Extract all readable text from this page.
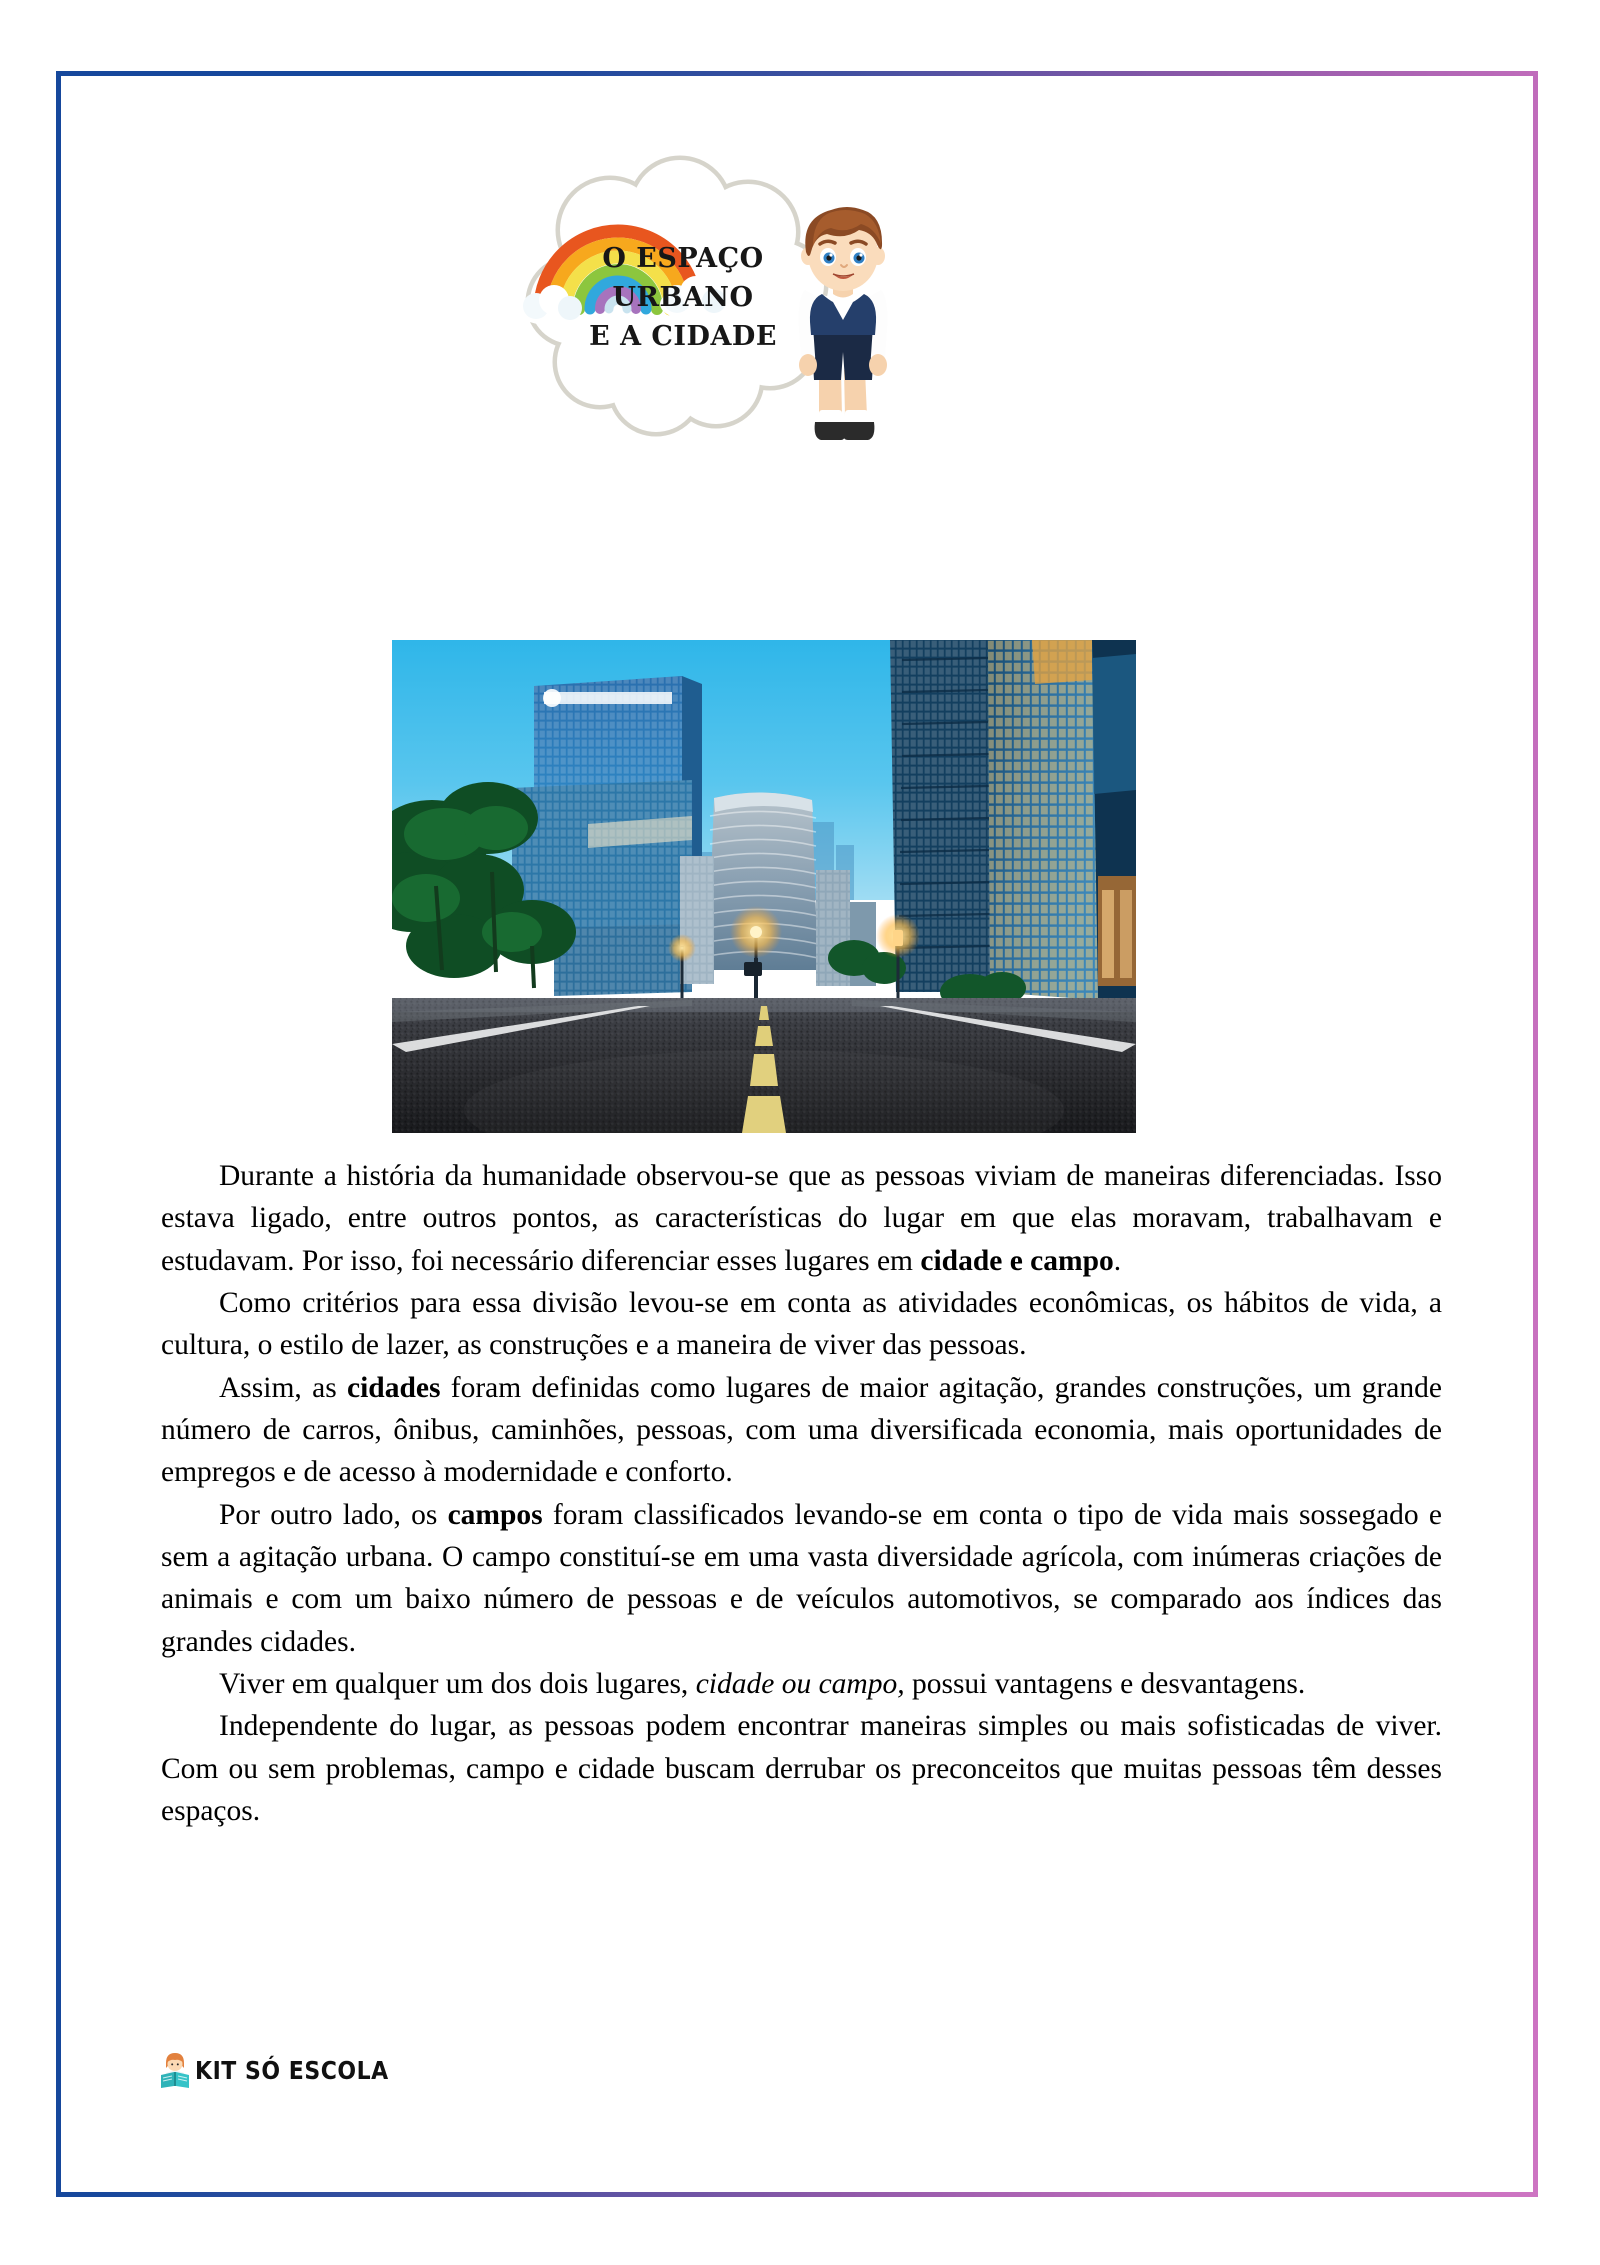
O ESPAÇO
URBANO
E A CIDADE

Durante a história da humanidade observou-se que as pessoas viviam de maneiras diferenciadas. Isso estava ligado, entre outros pontos, as características do lugar em que elas moravam, trabalhavam e estudavam. Por isso, foi necessário diferenciar esses lugares em cidade e campo.

Como critérios para essa divisão levou-se em conta as atividades econômicas, os hábitos de vida, a cultura, o estilo de lazer, as construções e a maneira de viver das pessoas.

Assim, as cidades foram definidas como lugares de maior agitação, grandes construções, um grande número de carros, ônibus, caminhões, pessoas, com uma diversificada economia, mais oportunidades de empregos e de acesso à modernidade e conforto.

Por outro lado, os campos foram classificados levando-se em conta o tipo de vida mais sossegado e sem a agitação urbana. O campo constituí-se em uma vasta diversidade agrícola, com inúmeras criações de animais e com um baixo número de pessoas e de veículos automotivos, se comparado aos índices das grandes cidades.

Viver em qualquer um dos dois lugares, cidade ou campo, possui vantagens e desvantagens.

Independente do lugar, as pessoas podem encontrar maneiras simples ou mais sofisticadas de viver. Com ou sem problemas, campo e cidade buscam derrubar os preconceitos que muitas pessoas têm desses espaços.

KIT SÓ ESCOLA
